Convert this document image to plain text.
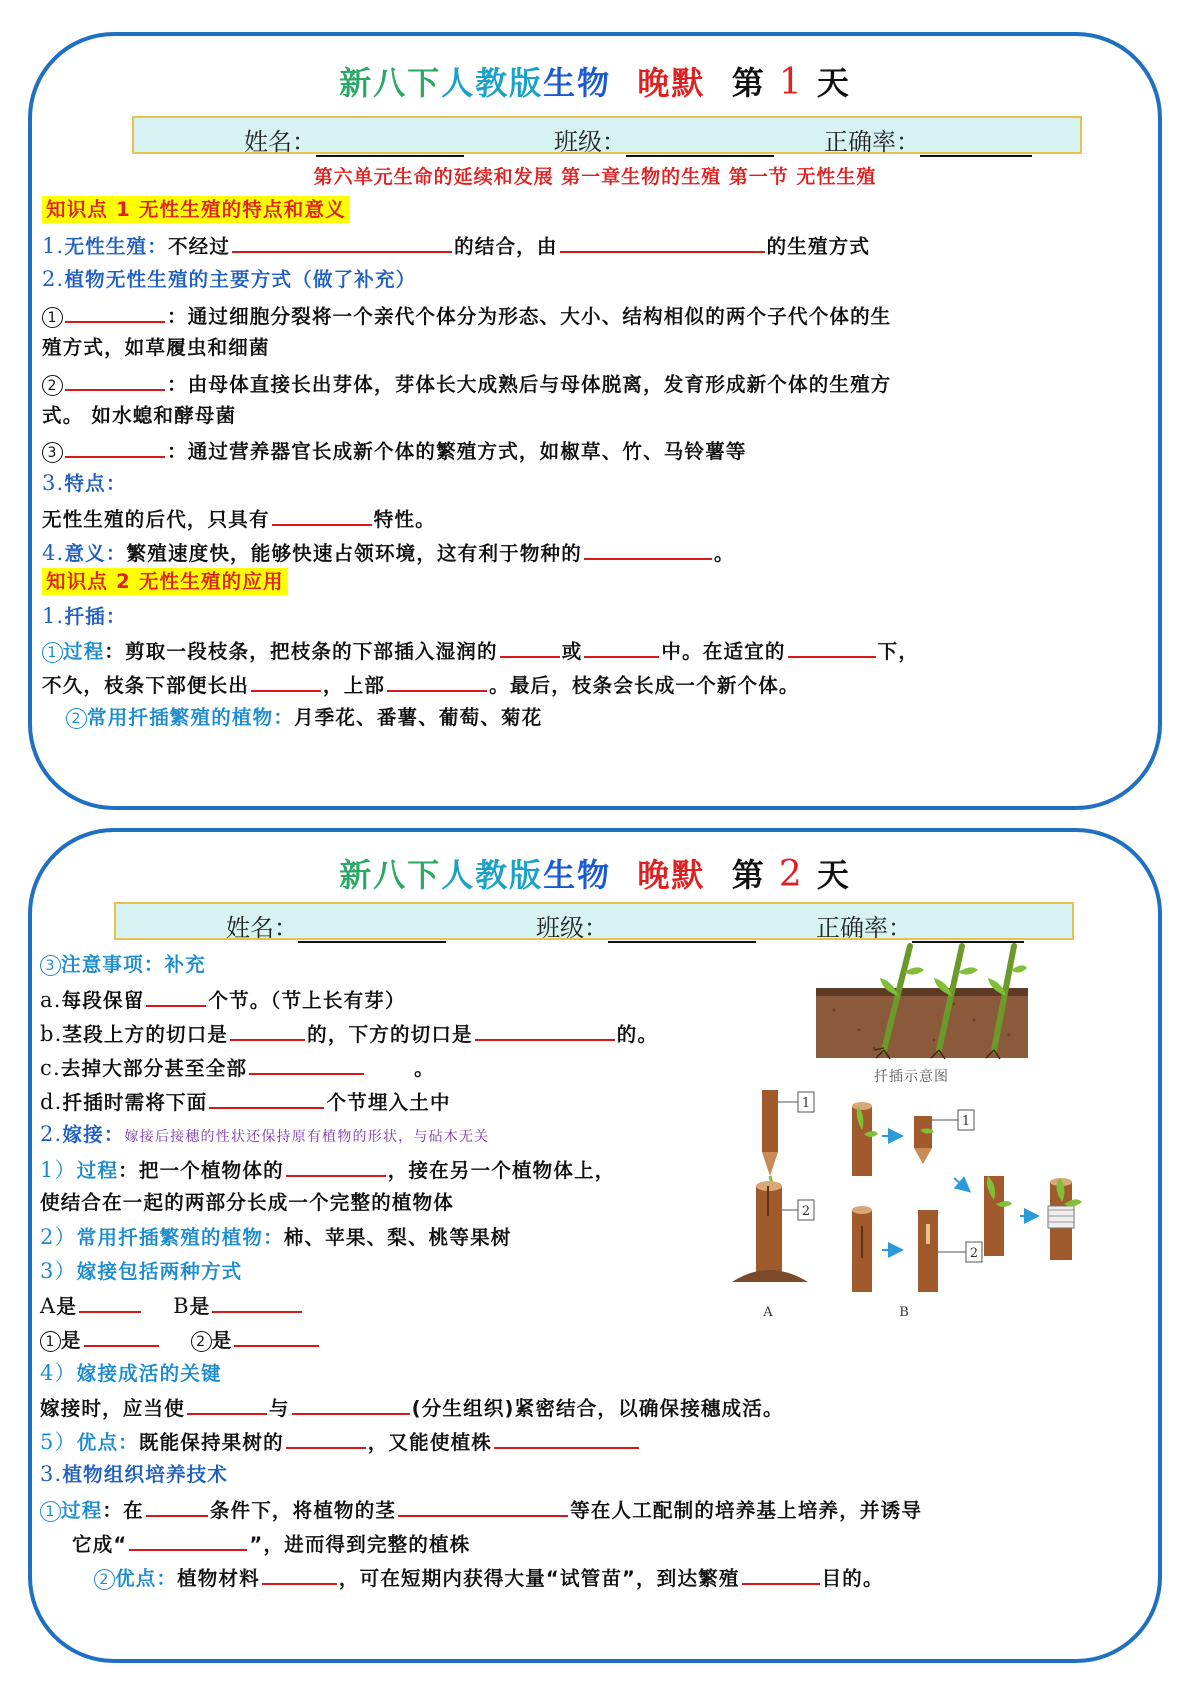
新八下人教版生物 晚默 第 1 天
姓名：	班级：	正确率：
第六单元生命的延续和发展 第一章生物的生殖 第一节 无性生殖
知识点 1 无性生殖的特点和意义
1.无性生殖：不经过	的结合，由	的生殖方式
2.植物无性生殖的主要方式（做了补充）
1	：通过细胞分裂将一个亲代个体分为形态、大小、结构相似的两个子代个体的生
殖方式，如草履虫和细菌
2	：由母体直接长出芽体，芽体长大成熟后与母体脱离，发育形成新个体的生殖方
式。 如水螅和酵母菌
3	：通过营养器官长成新个体的繁殖方式，如椒草、竹、马铃薯等
3.特点：
无性生殖的后代，只具有	特性。
4.意义：繁殖速度快，能够快速占领环境，这有利于物种的	。
知识点 2 无性生殖的应用
1.扦插：
1 过程：剪取一段枝条，把枝条的下部插入湿润的	或	中。在适宜的	下，
不久，枝条下部便长出	，上部	。最后，枝条会长成一个新个体。
2 常用扦插繁殖的植物：月季花、番薯、葡萄、菊花
新八下人教版生物 晚默 第 2 天
姓名：	班级：	正确率：
3 注意事项：补充
a.每段保留	个节。（节上长有芽）
b.茎段上方的切口是	的，下方的切口是	的。
c.去掉大部分甚至全部	。
d.扦插时需将下面	个节埋入土中
2.嫁接：嫁接后接穗的性状还保持原有植物的形状，与砧木无关
1）过程：把一个植物体的	，接在另一个植物体上，
使结合在一起的两部分长成一个完整的植物体
2）常用扦插繁殖的植物：柿、苹果、梨、桃等果树
3）嫁接包括两种方式
A是	B是
1 是	2 是
4）嫁接成活的关键
嫁接时，应当使	与	(分生组织)紧密结合，以确保接穗成活。
5）优点：既能保持果树的	，又能使植株
3.植物组织培养技术
1 过程：在	条件下，将植物的茎	等在人工配制的培养基上培养，并诱导
它成“	”，进而得到完整的植株
2 优点：植物材料	，可在短期内获得大量“试管苗”，到达繁殖	目的。
扦插示意图
1
2
A
1
2
B
